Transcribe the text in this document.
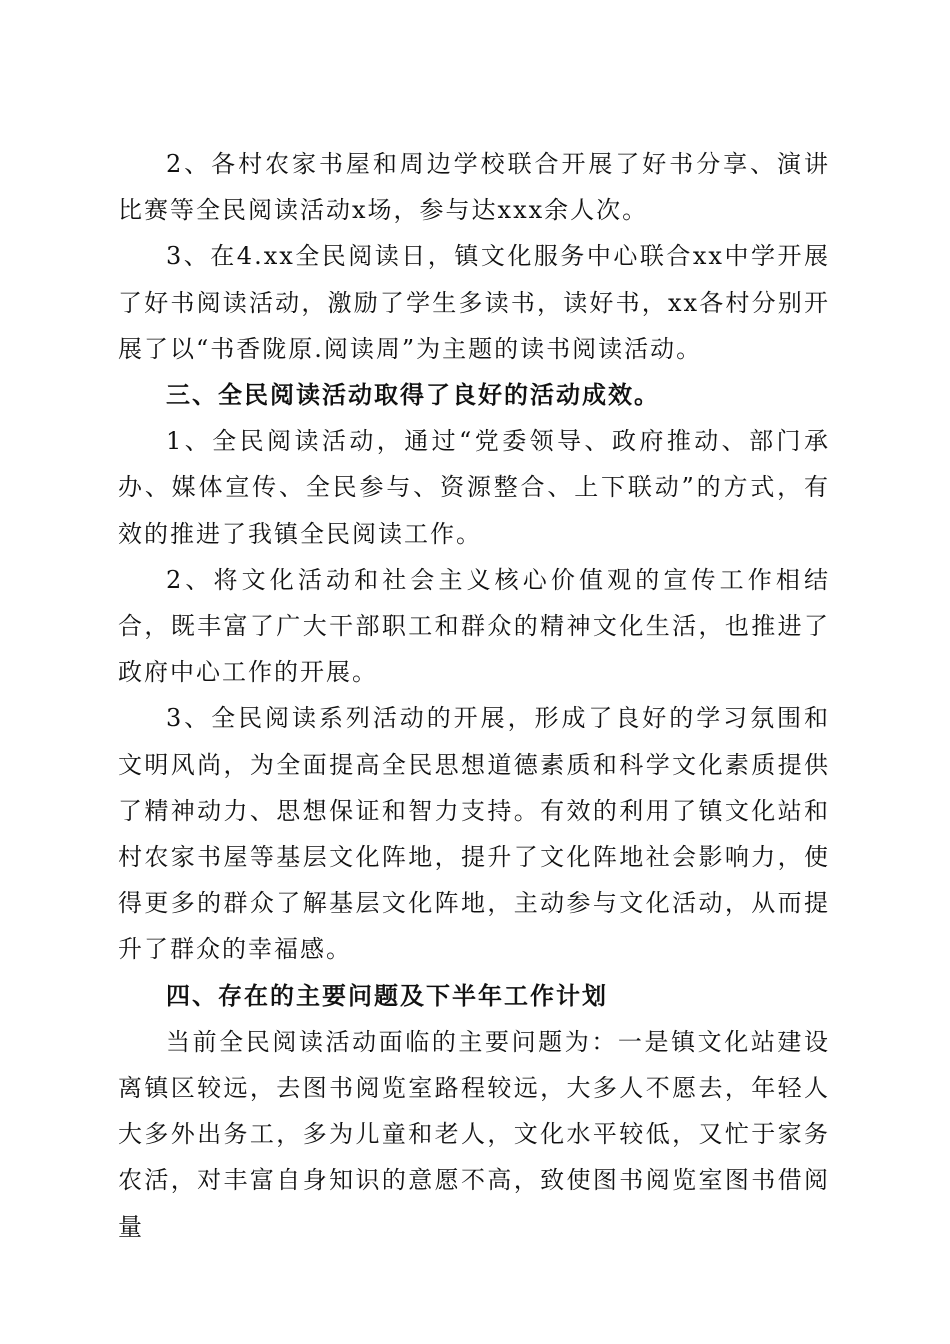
2、各村农家书屋和周边学校联合开展了好书分享、演讲比赛等全民阅读活动x场，参与达xxx余人次。

3、在4.xx全民阅读日，镇文化服务中心联合xx中学开展了好书阅读活动，激励了学生多读书，读好书，xx各村分别开展了以“书香陇原.阅读周”为主题的读书阅读活动。

三、全民阅读活动取得了良好的活动成效。

1、全民阅读活动，通过“党委领导、政府推动、部门承办、媒体宣传、全民参与、资源整合、上下联动”的方式，有效的推进了我镇全民阅读工作。

2、将文化活动和社会主义核心价值观的宣传工作相结合，既丰富了广大干部职工和群众的精神文化生活，也推进了政府中心工作的开展。

3、全民阅读系列活动的开展，形成了良好的学习氛围和文明风尚，为全面提高全民思想道德素质和科学文化素质提供了精神动力、思想保证和智力支持。有效的利用了镇文化站和村农家书屋等基层文化阵地，提升了文化阵地社会影响力，使得更多的群众了解基层文化阵地，主动参与文化活动，从而提升了群众的幸福感。

四、存在的主要问题及下半年工作计划

当前全民阅读活动面临的主要问题为：一是镇文化站建设离镇区较远，去图书阅览室路程较远，大多人不愿去，年轻人大多外出务工，多为儿童和老人，文化水平较低，又忙于家务农活，对丰富自身知识的意愿不高，致使图书阅览室图书借阅量
